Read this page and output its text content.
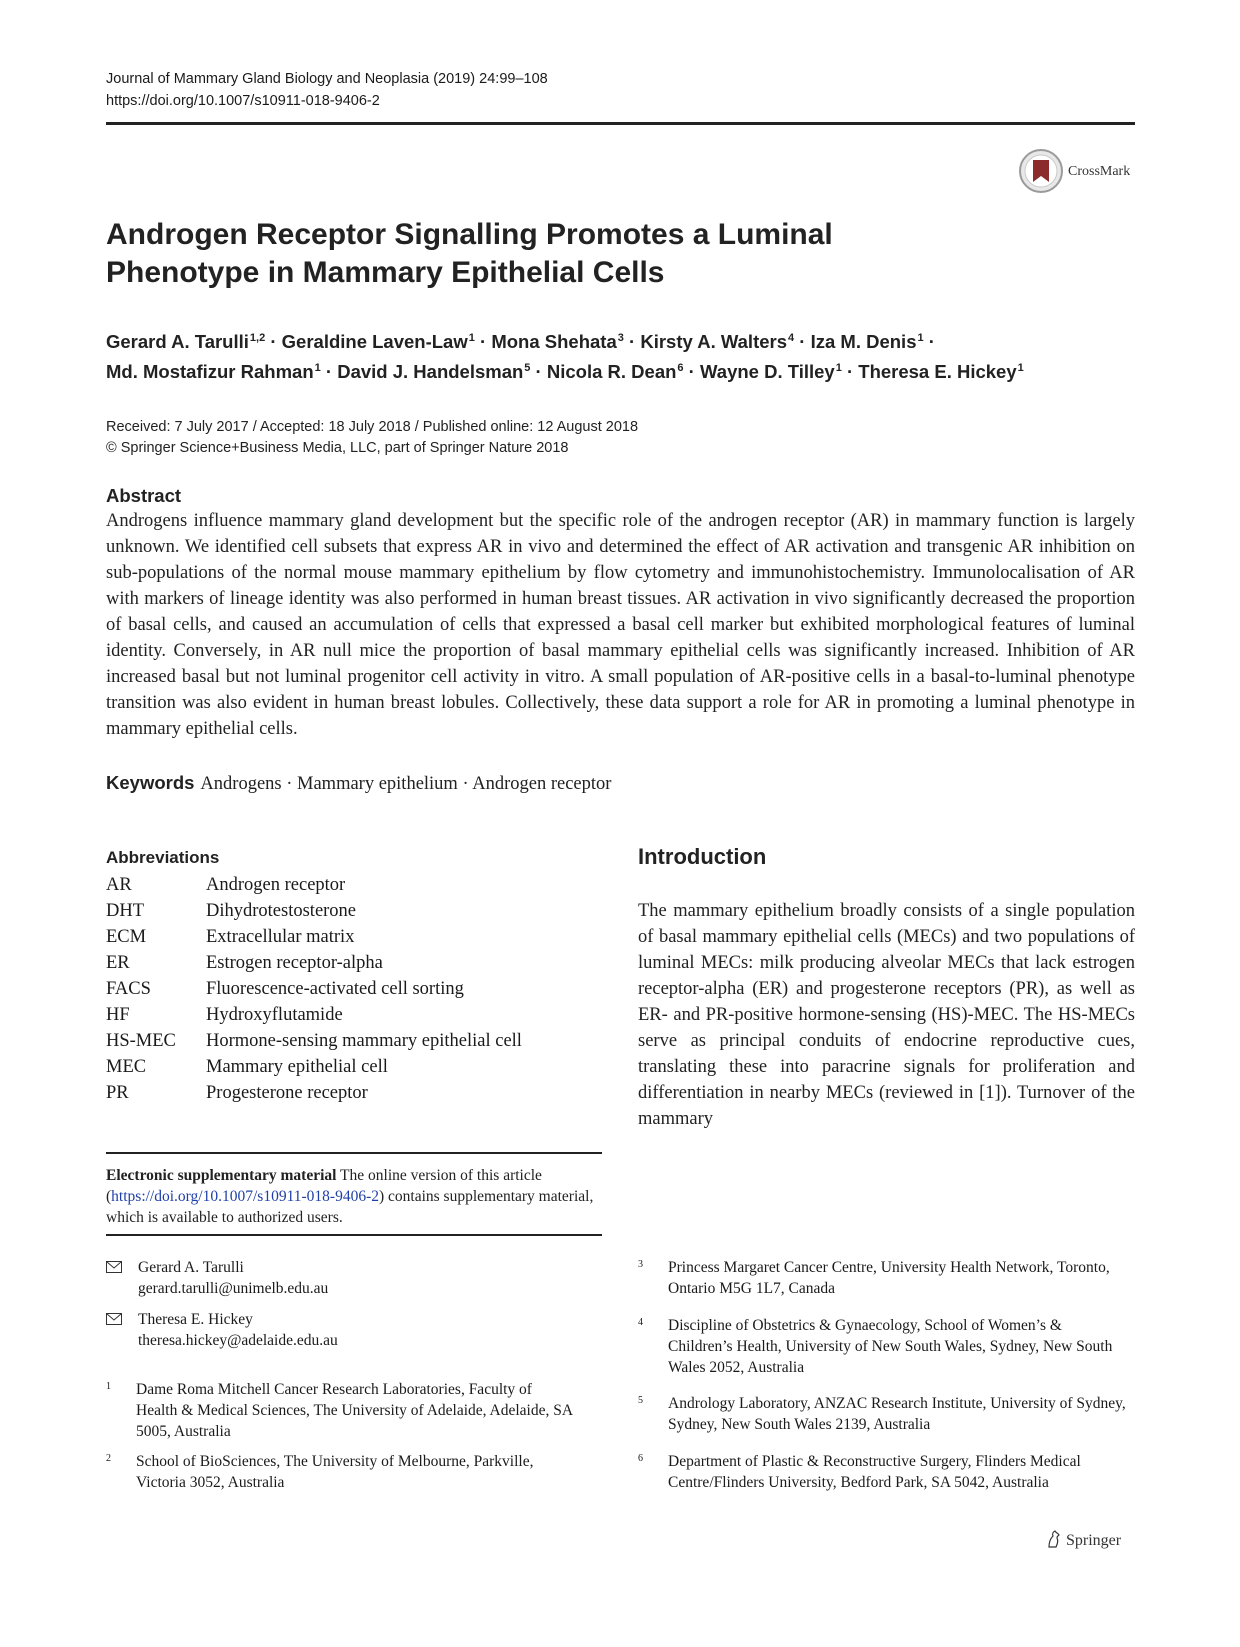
Journal of Mammary Gland Biology and Neoplasia (2019) 24:99–108
https://doi.org/10.1007/s10911-018-9406-2
CrossMark
Androgen Receptor Signalling Promotes a Luminal
Phenotype in Mammary Epithelial Cells
Gerard A. Tarulli$^{1,2}$ · Geraldine Laven-Law$^1$ · Mona Shehata$^3$ · Kirsty A. Walters$^4$ · Iza M. Denis$^1$ ·
Md. Mostafizur Rahman$^1$ · David J. Handelsman$^5$ · Nicola R. Dean$^6$ · Wayne D. Tilley$^1$ · Theresa E. Hickey$^1$
Received: 7 July 2017 / Accepted: 18 July 2018 / Published online: 12 August 2018
© Springer Science+Business Media, LLC, part of Springer Nature 2018
Abstract
Androgens influence mammary gland development but the specific role of the androgen receptor (AR) in mammary function is largely unknown. We identified cell subsets that express AR in vivo and determined the effect of AR activation and transgenic AR inhibition on sub-populations of the normal mouse mammary epithelium by flow cytometry and immunohistochemistry. Immunolocalisation of AR with markers of lineage identity was also performed in human breast tissues. AR activation in vivo significantly decreased the proportion of basal cells, and caused an accumulation of cells that expressed a basal cell marker but exhibited morphological features of luminal identity. Conversely, in AR null mice the proportion of basal mammary epithelial cells was significantly increased. Inhibition of AR increased basal but not luminal progenitor cell activity in vitro. A small population of AR-positive cells in a basal-to-luminal phenotype transition was also evident in human breast lobules. Collectively, these data support a role for AR in promoting a luminal phenotype in mammary epithelial cells.
Keywords Androgens · Mammary epithelium · Androgen receptor
Abbreviations
AR	Androgen receptor
DHT	Dihydrotestosterone
ECM	Extracellular matrix
ER	Estrogen receptor-alpha
FACS	Fluorescence-activated cell sorting
HF	Hydroxyflutamide
HS-MEC	Hormone-sensing mammary epithelial cell
MEC	Mammary epithelial cell
PR	Progesterone receptor
Introduction
The mammary epithelium broadly consists of a single population of basal mammary epithelial cells (MECs) and two populations of luminal MECs: milk producing alveolar MECs that lack estrogen receptor-alpha (ER) and progesterone receptors (PR), as well as ER- and PR-positive hormone-sensing (HS)-MEC. The HS-MECs serve as principal conduits of endocrine reproductive cues, translating these into paracrine signals for proliferation and differentiation in nearby MECs (reviewed in [1]). Turnover of the mammary
Electronic supplementary material The online version of this article (https://doi.org/10.1007/s10911-018-9406-2) contains supplementary material, which is available to authorized users.
Gerard A. Tarulli
gerard.tarulli@unimelb.edu.au
Theresa E. Hickey
theresa.hickey@adelaide.edu.au
1 Dame Roma Mitchell Cancer Research Laboratories, Faculty of Health & Medical Sciences, The University of Adelaide, Adelaide, SA 5005, Australia
2 School of BioSciences, The University of Melbourne, Parkville, Victoria 3052, Australia
3 Princess Margaret Cancer Centre, University Health Network, Toronto, Ontario M5G 1L7, Canada
4 Discipline of Obstetrics & Gynaecology, School of Women’s & Children’s Health, University of New South Wales, Sydney, New South Wales 2052, Australia
5 Andrology Laboratory, ANZAC Research Institute, University of Sydney, Sydney, New South Wales 2139, Australia
6 Department of Plastic & Reconstructive Surgery, Flinders Medical Centre/Flinders University, Bedford Park, SA 5042, Australia
Springer
